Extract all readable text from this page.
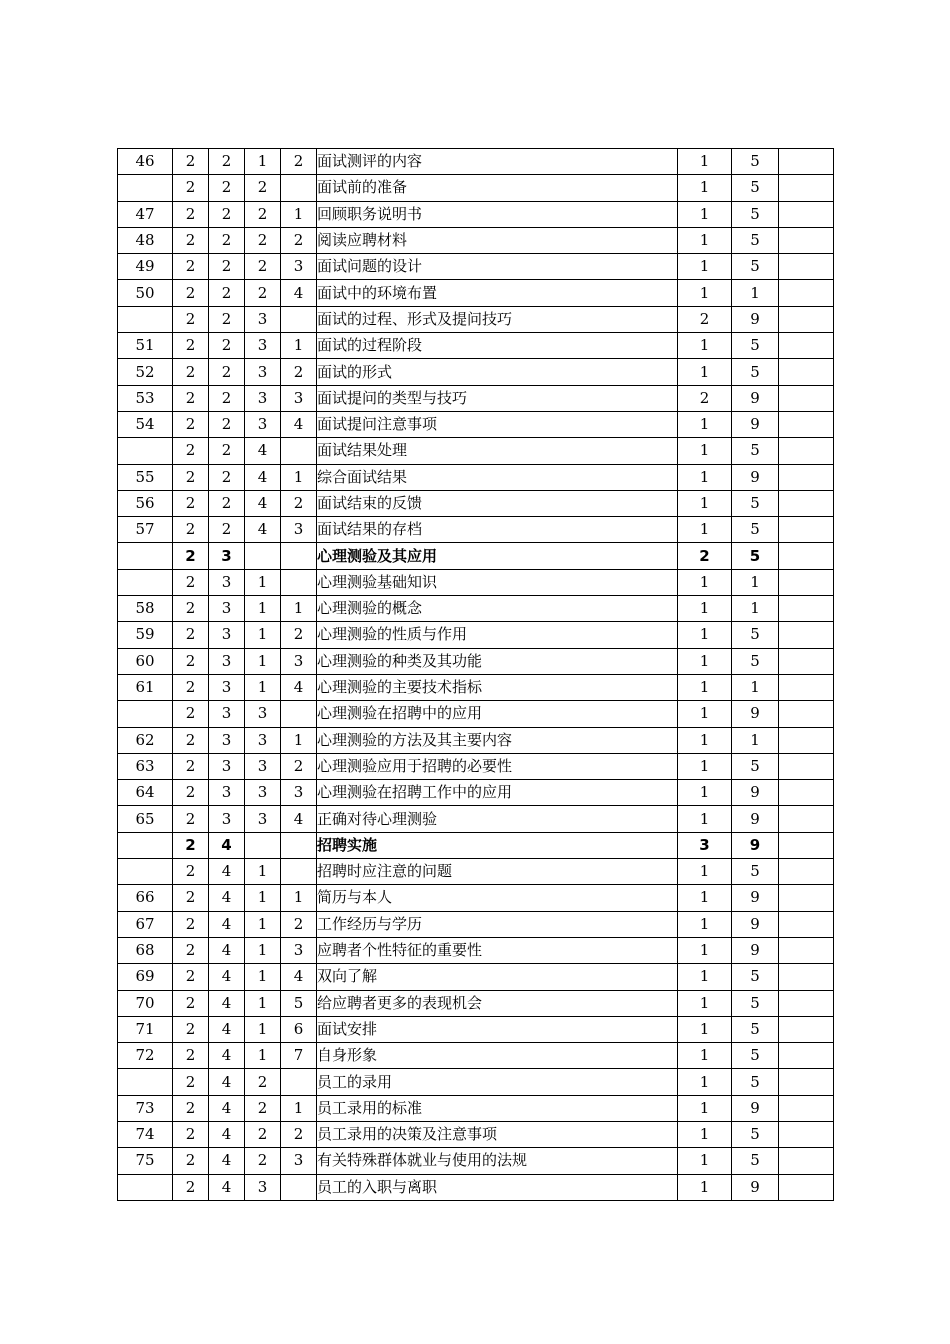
46	2	2	1	2	面试测评的内容	1	5	
	2	2	2		面试前的准备	1	5	
47	2	2	2	1	回顾职务说明书	1	5	
48	2	2	2	2	阅读应聘材料	1	5	
49	2	2	2	3	面试问题的设计	1	5	
50	2	2	2	4	面试中的环境布置	1	1	
	2	2	3		面试的过程、形式及提问技巧	2	9	
51	2	2	3	1	面试的过程阶段	1	5	
52	2	2	3	2	面试的形式	1	5	
53	2	2	3	3	面试提问的类型与技巧	2	9	
54	2	2	3	4	面试提问注意事项	1	9	
	2	2	4		面试结果处理	1	5	
55	2	2	4	1	综合面试结果	1	9	
56	2	2	4	2	面试结束的反馈	1	5	
57	2	2	4	3	面试结果的存档	1	5	
	2	3			心理测验及其应用	2	5	
	2	3	1		心理测验基础知识	1	1	
58	2	3	1	1	心理测验的概念	1	1	
59	2	3	1	2	心理测验的性质与作用	1	5	
60	2	3	1	3	心理测验的种类及其功能	1	5	
61	2	3	1	4	心理测验的主要技术指标	1	1	
	2	3	3		心理测验在招聘中的应用	1	9	
62	2	3	3	1	心理测验的方法及其主要内容	1	1	
63	2	3	3	2	心理测验应用于招聘的必要性	1	5	
64	2	3	3	3	心理测验在招聘工作中的应用	1	9	
65	2	3	3	4	正确对待心理测验	1	9	
	2	4			招聘实施	3	9	
	2	4	1		招聘时应注意的问题	1	5	
66	2	4	1	1	简历与本人	1	9	
67	2	4	1	2	工作经历与学历	1	9	
68	2	4	1	3	应聘者个性特征的重要性	1	9	
69	2	4	1	4	双向了解	1	5	
70	2	4	1	5	给应聘者更多的表现机会	1	5	
71	2	4	1	6	面试安排	1	5	
72	2	4	1	7	自身形象	1	5	
	2	4	2		员工的录用	1	5	
73	2	4	2	1	员工录用的标准	1	9	
74	2	4	2	2	员工录用的决策及注意事项	1	5	
75	2	4	2	3	有关特殊群体就业与使用的法规	1	5	
	2	4	3		员工的入职与离职	1	9	
